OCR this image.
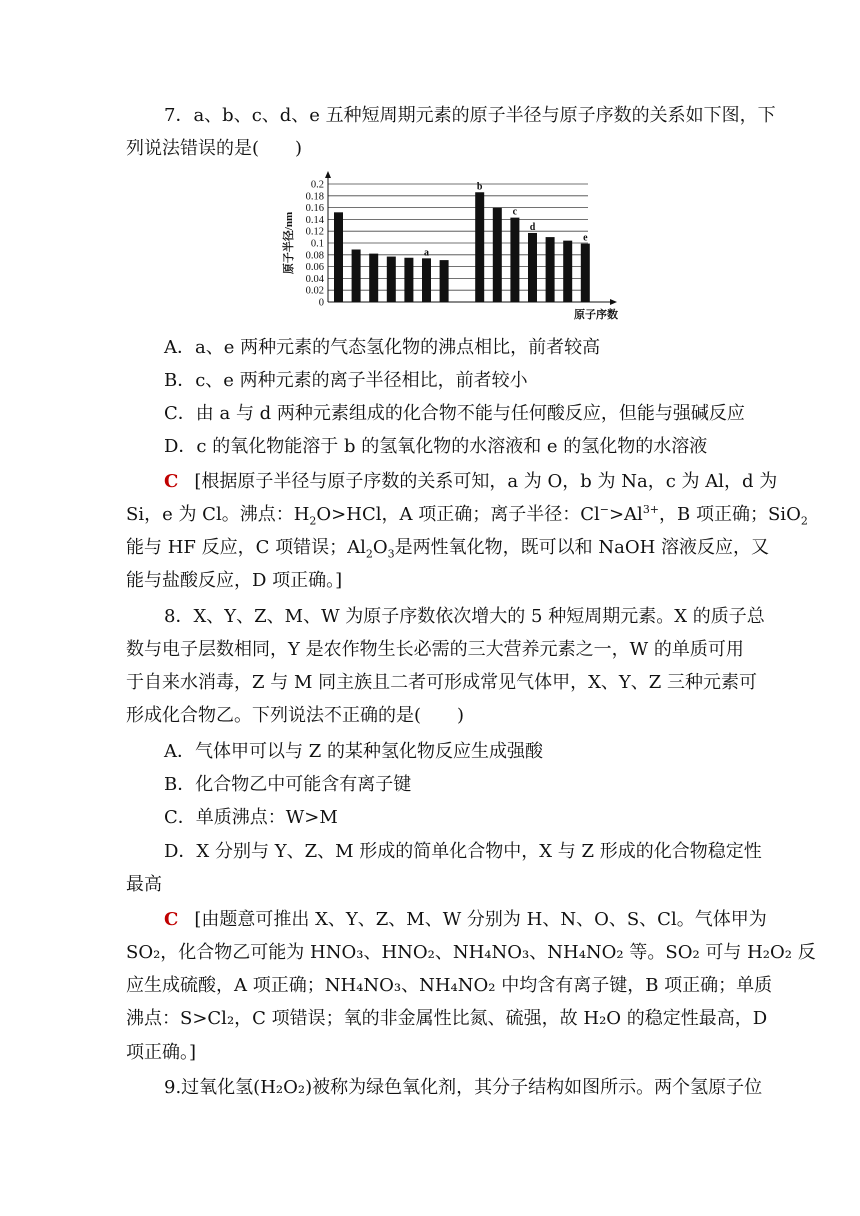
7．a、b、c、d、e 五种短周期元素的原子半径与原子序数的关系如下图，下
列说法错误的是(　　)
0
0.02
0.04
0.06
0.08
0.1
0.12
0.14
0.16
0.18
0.2
a
b
c
d
e
原子半径/nm
原子序数
A．a、e 两种元素的气态氢化物的沸点相比，前者较高
B．c、e 两种元素的离子半径相比，前者较小
C．由 a 与 d 两种元素组成的化合物不能与任何酸反应，但能与强碱反应
D．c 的氧化物能溶于 b 的氢氧化物的水溶液和 e 的氢化物的水溶液
C [根据原子半径与原子序数的关系可知，a 为 O，b 为 Na，c 为 Al，d 为
Si，e 为 Cl。沸点：$H_2O>HCl$，A 项正确；离子半径：$Cl^->Al^{3+}$，B 项正确；SiO$_2$
能与 HF 反应，C 项错误；$Al_2O_3$是两性氧化物，既可以和 NaOH 溶液反应，又
能与盐酸反应，D 项正确。]
8．X、Y、Z、M、W 为原子序数依次增大的 5 种短周期元素。X 的质子总
数与电子层数相同，Y 是农作物生长必需的三大营养元素之一，W 的单质可用
于自来水消毒，Z 与 M 同主族且二者可形成常见气体甲，X、Y、Z 三种元素可
形成化合物乙。下列说法不正确的是(　　)
A．气体甲可以与 Z 的某种氢化物反应生成强酸
B．化合物乙中可能含有离子键
C．单质沸点：W>M
D．X 分别与 Y、Z、M 形成的简单化合物中，X 与 Z 形成的化合物稳定性
最高
C [由题意可推出 X、Y、Z、M、W 分别为 H、N、O、S、Cl。气体甲为
SO₂，化合物乙可能为 HNO₃、HNO₂、NH₄NO₃、NH₄NO₂ 等。SO₂ 可与 H₂O₂ 反
应生成硫酸，A 项正确；NH₄NO₃、NH₄NO₂ 中均含有离子键，B 项正确；单质
沸点：S>Cl₂，C 项错误；氧的非金属性比氮、硫强，故 H₂O 的稳定性最高，D
项正确。]
9.过氧化氢(H₂O₂)被称为绿色氧化剂，其分子结构如图所示。两个氢原子位
